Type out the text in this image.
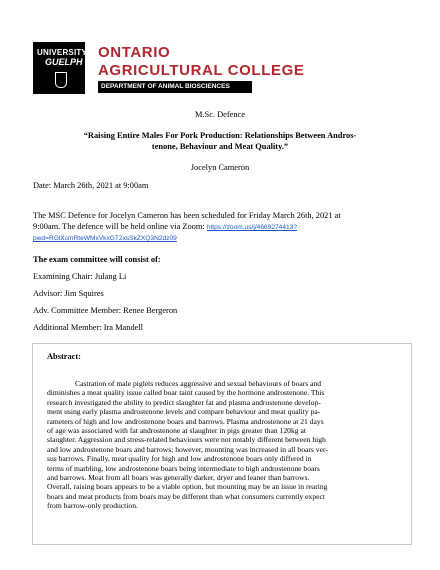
UNIVERSITY
GUELPH
ONTARIO
AGRICULTURAL COLLEGE
DEPARTMENT OF ANIMAL BIOSCIENCES
M.Sc. Defence
“Raising Entire Males For Pork Production: Relationships Between Andros-
tenone, Behaviour and Meat Quality.”
Jocelyn Cameron
Date: March 26th, 2021 at 9:00am
The MSC Defence for Jocelyn Cameron has been scheduled for Friday March 26th, 2021 at
9:00am. The defence will be held online via Zoom: https://zoom.us/j/4669274413?
pwd=RGlXcmRteWMxVkxGT2xsSkZXQ3N2dz09
The exam committee will consist of:
Examining Chair: Julang Li
Advisor: Jim Squires
Adv. Committee Member: Renee Bergeron
Additional Member: Ira Mandell
Abstract:
Castration of male piglets reduces aggressive and sexual behaviours of boars and
diminishes a meat quality issue called boar taint caused by the hormone androstenone. This
research investigated the ability to predict slaughter fat and plasma androstenone develop-
ment using early plasma androstenone levels and compare behaviour and meat quality pa-
rameters of high and low androstenone boars and barrows. Plasma androstenone at 21 days
of age was associated with fat androstenone at slaughter in pigs greater than 120kg at
slaughter. Aggression and stress-related behaviours were not notably different between high
and low androstenone boars and barrows; however, mounting was increased in all boars ver-
sus barrows. Finally, meat quality for high and low androstenone boars only differed in
terms of marbling, low androstenone boars being intermediate to high androstenone boars
and barrows. Meat from all boars was generally darker, dryer and leaner than barrows.
Overall, raising boars appears to be a viable option, but mounting may be an issue in rearing
boars and meat products from boars may be different than what consumers currently expect
from barrow-only production.
